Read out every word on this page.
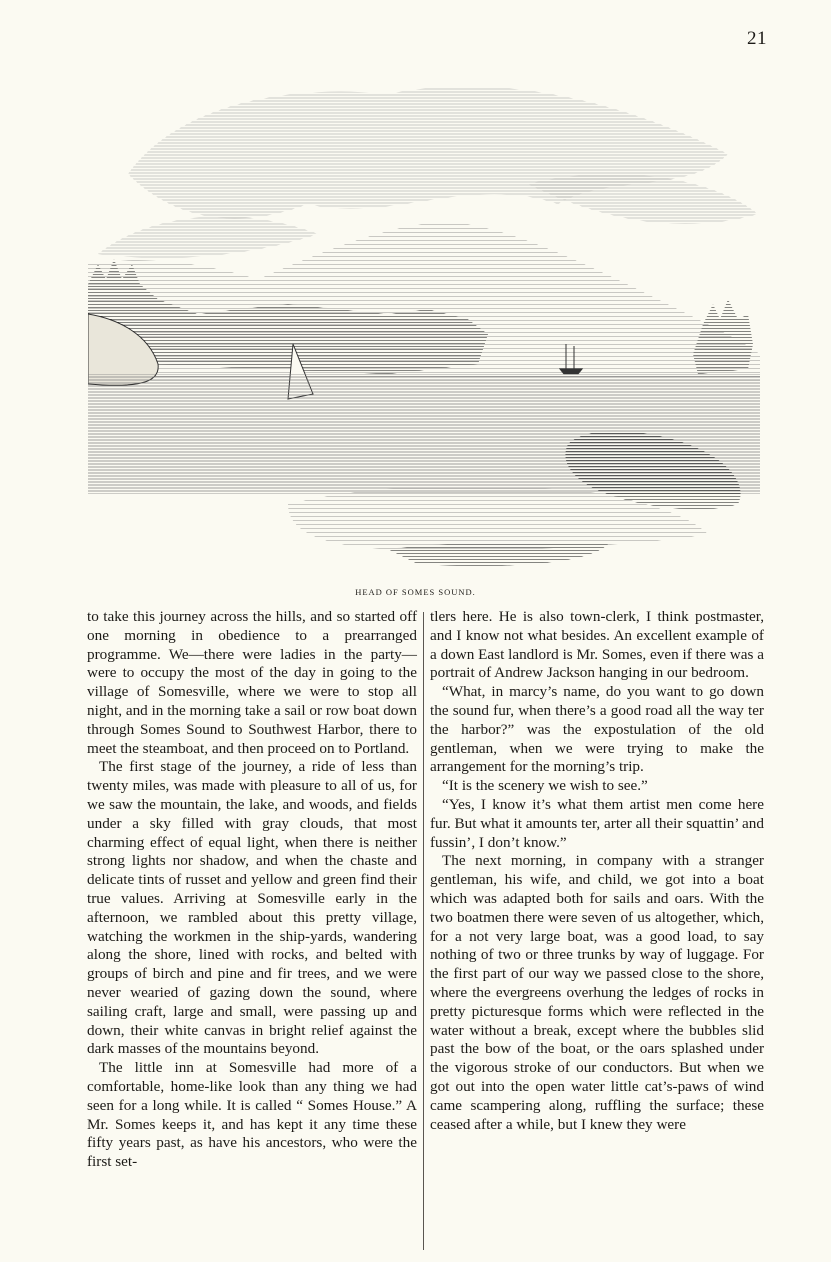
21
HEAD OF SOMES SOUND.

to take this journey across the hills, and so started off one morning in obedience to a prearranged programme. We—there were ladies in the party—were to occupy the most of the day in going to the village of Somesville, where we were to stop all night, and in the morning take a sail or row boat down through Somes Sound to Southwest Harbor, there to meet the steamboat, and then proceed on to Portland.

The first stage of the journey, a ride of less than twenty miles, was made with pleasure to all of us, for we saw the mountain, the lake, and woods, and fields under a sky filled with gray clouds, that most charming effect of equal light, when there is neither strong lights nor shadow, and when the chaste and delicate tints of russet and yellow and green find their true values. Arriving at Somesville early in the afternoon, we rambled about this pretty village, watching the workmen in the ship-yards, wandering along the shore, lined with rocks, and belted with groups of birch and pine and fir trees, and we were never wearied of gazing down the sound, where sailing craft, large and small, were passing up and down, their white canvas in bright relief against the dark masses of the mountains beyond.

The little inn at Somesville had more of a comfortable, home-like look than any thing we had seen for a long while. It is called “ Somes House.” A Mr. Somes keeps it, and has kept it any time these fifty years past, as have his ancestors, who were the first set-

tlers here. He is also town-clerk, I think postmaster, and I know not what besides. An excellent example of a down East landlord is Mr. Somes, even if there was a portrait of Andrew Jackson hanging in our bedroom.

“What, in marcy’s name, do you want to go down the sound fur, when there’s a good road all the way ter the harbor?” was the expostulation of the old gentleman, when we were trying to make the arrangement for the morning’s trip.

“It is the scenery we wish to see.”

“Yes, I know it’s what them artist men come here fur. But what it amounts ter, arter all their squattin’ and fussin’, I don’t know.”

The next morning, in company with a stranger gentleman, his wife, and child, we got into a boat which was adapted both for sails and oars. With the two boatmen there were seven of us altogether, which, for a not very large boat, was a good load, to say nothing of two or three trunks by way of luggage. For the first part of our way we passed close to the shore, where the evergreens overhung the ledges of rocks in pretty picturesque forms which were reflected in the water without a break, except where the bubbles slid past the bow of the boat, or the oars splashed under the vigorous stroke of our conductors. But when we got out into the open water little cat’s-paws of wind came scampering along, ruffling the surface; these ceased after a while, but I knew they were
